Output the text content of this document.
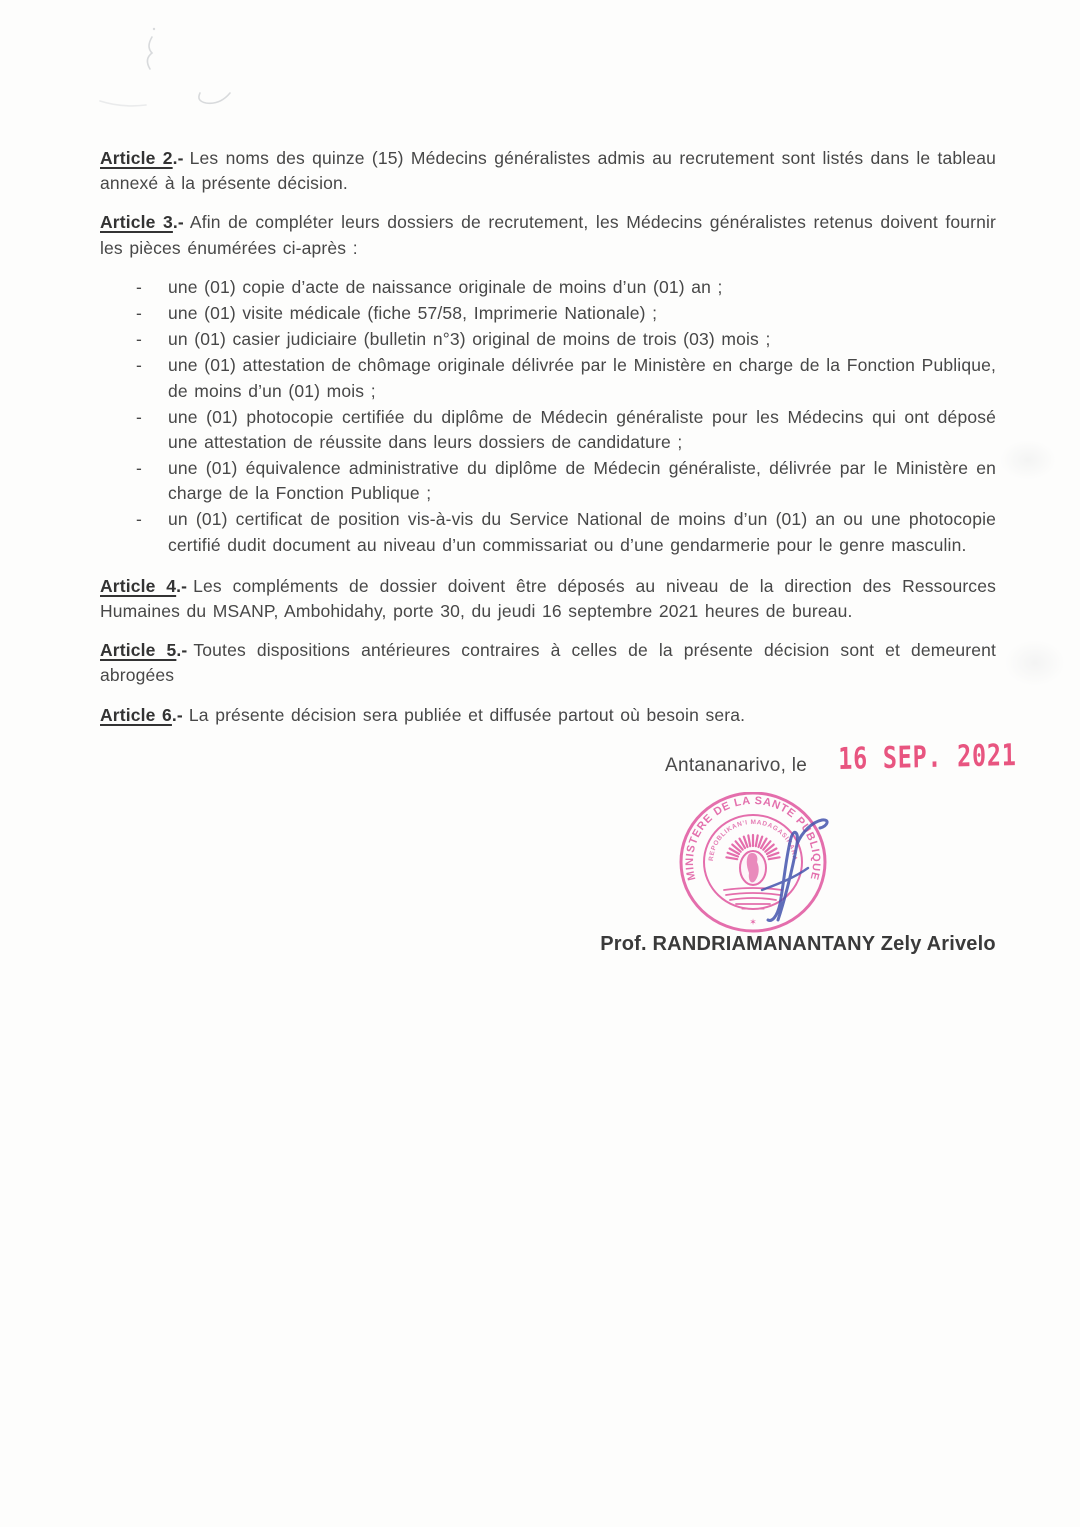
Article 2.- Les noms des quinze (15) Médecins généralistes admis au recrutement sont listés dans le tableau annexé à la présente décision.

Article 3.- Afin de compléter leurs dossiers de recrutement, les Médecins généralistes retenus doivent fournir les pièces énumérées ci-après :

- une (01) copie d’acte de naissance originale de moins d’un (01) an ;
- une (01) visite médicale (fiche 57/58, Imprimerie Nationale) ;
- un (01) casier judiciaire (bulletin n°3) original de moins de trois (03) mois ;
- une (01) attestation de chômage originale délivrée par le Ministère en charge de la Fonction Publique, de moins d’un (01) mois ;
- une (01) photocopie certifiée du diplôme de Médecin généraliste pour les Médecins qui ont déposé une attestation de réussite dans leurs dossiers de candidature ;
- une (01) équivalence administrative du diplôme de Médecin généraliste, délivrée par le Ministère en charge de la Fonction Publique ;
- un (01) certificat de position vis-à-vis du Service National de moins d’un (01) an ou une photocopie certifié dudit document au niveau d’un commissariat ou d’une gendarmerie pour le genre masculin.

Article 4.- Les compléments de dossier doivent être déposés au niveau de la direction des Ressources Humaines du MSANP, Ambohidahy, porte 30, du jeudi 16 septembre 2021 heures de bureau.

Article 5.- Toutes dispositions antérieures contraires à celles de la présente décision sont et demeurent abrogées

Article 6.- La présente décision sera publiée et diffusée partout où besoin sera.

Antananarivo, le 16 SEP. 2021
MINISTERE DE LA SANTE PUBLIQUE
REPOBLIKAN’I MADAGASIKARA
✶
Prof. RANDRIAMANANTANY Zely Arivelo
